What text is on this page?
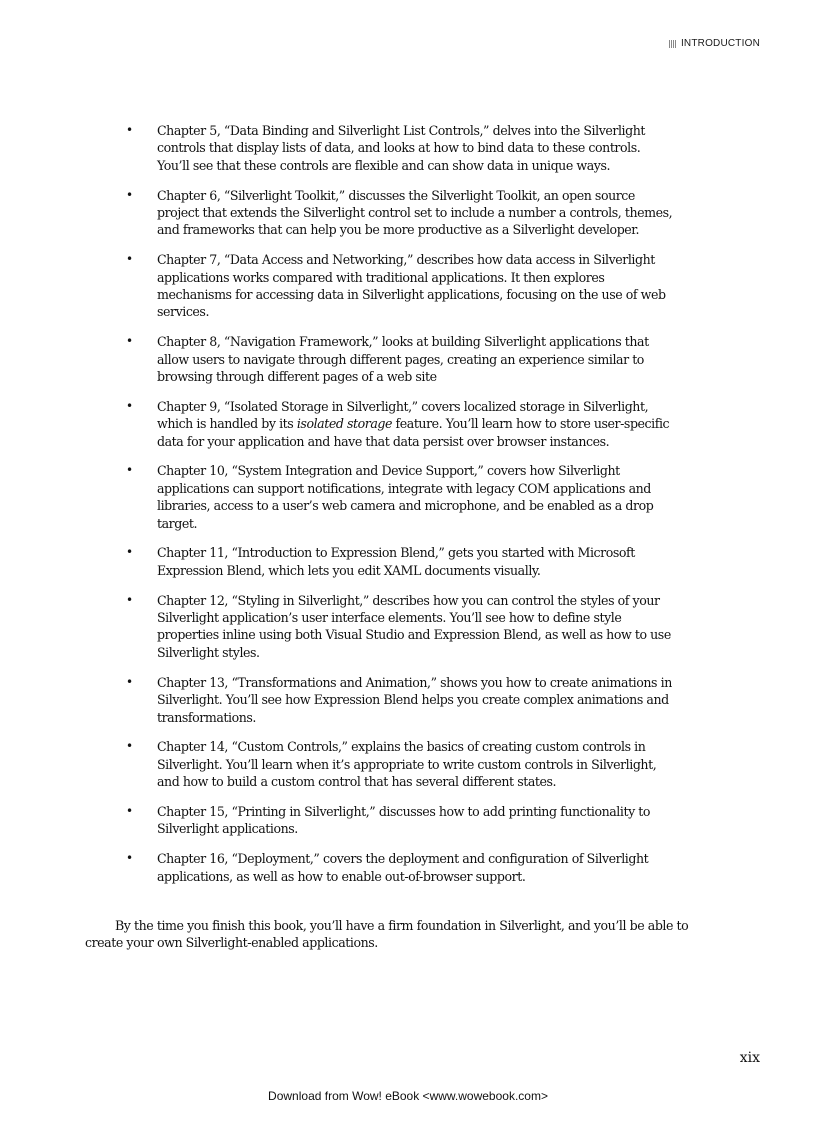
INTRODUCTION
• Chapter 5, “Data Binding and Silverlight List Controls,” delves into the Silverlight controls that display lists of data, and looks at how to bind data to these controls. You’ll see that these controls are flexible and can show data in unique ways.
• Chapter 6, “Silverlight Toolkit,” discusses the Silverlight Toolkit, an open source project that extends the Silverlight control set to include a number a controls, themes, and frameworks that can help you be more productive as a Silverlight developer.
• Chapter 7, “Data Access and Networking,” describes how data access in Silverlight applications works compared with traditional applications. It then explores mechanisms for accessing data in Silverlight applications, focusing on the use of web services.
• Chapter 8, “Navigation Framework,” looks at building Silverlight applications that allow users to navigate through different pages, creating an experience similar to browsing through different pages of a web site
• Chapter 9, “Isolated Storage in Silverlight,” covers localized storage in Silverlight, which is handled by its isolated storage feature. You’ll learn how to store user-specific data for your application and have that data persist over browser instances.
• Chapter 10, “System Integration and Device Support,” covers how Silverlight applications can support notifications, integrate with legacy COM applications and libraries, access to a user’s web camera and microphone, and be enabled as a drop target.
• Chapter 11, “Introduction to Expression Blend,” gets you started with Microsoft Expression Blend, which lets you edit XAML documents visually.
• Chapter 12, “Styling in Silverlight,” describes how you can control the styles of your Silverlight application’s user interface elements. You’ll see how to define style properties inline using both Visual Studio and Expression Blend, as well as how to use Silverlight styles.
• Chapter 13, “Transformations and Animation,” shows you how to create animations in Silverlight. You’ll see how Expression Blend helps you create complex animations and transformations.
• Chapter 14, “Custom Controls,” explains the basics of creating custom controls in Silverlight. You’ll learn when it’s appropriate to write custom controls in Silverlight, and how to build a custom control that has several different states.
• Chapter 15, “Printing in Silverlight,” discusses how to add printing functionality to Silverlight applications.
• Chapter 16, “Deployment,” covers the deployment and configuration of Silverlight applications, as well as how to enable out-of-browser support.

By the time you finish this book, you’ll have a firm foundation in Silverlight, and you’ll be able to create your own Silverlight-enabled applications.

xix
Download from Wow! eBook <www.wowebook.com>
